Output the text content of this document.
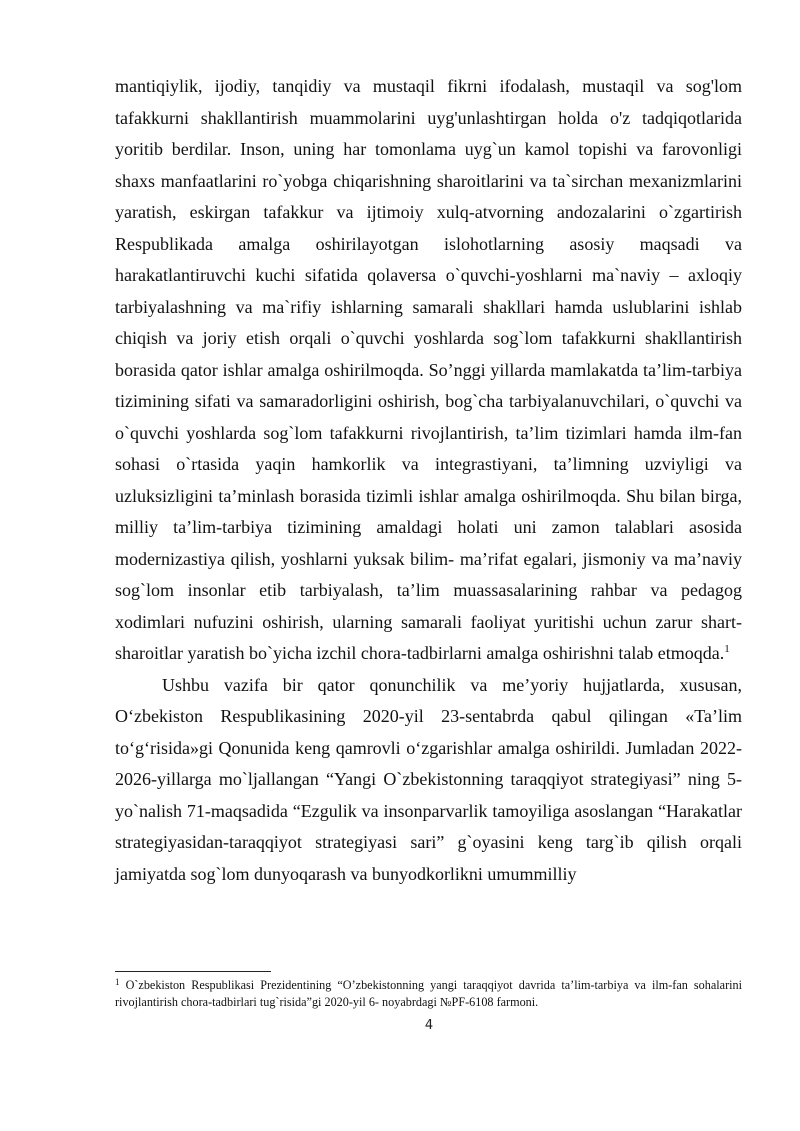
mantiqiylik, ijodiy, tanqidiy va mustaqil fikrni ifodalash, mustaqil va sog'lom tafakkurni shakllantirish muammolarini uyg'unlashtirgan holda o'z tadqiqotlarida yoritib berdilar. Inson, uning har tomonlama uyg`un kamol topishi va farovonligi shaxs manfaatlarini ro`yobga chiqarishning sharoitlarini va ta`sirchan mexanizmlarini yaratish, eskirgan tafakkur va ijtimoiy xulq-atvorning andozalarini o`zgartirish Respublikada amalga oshirilayotgan islohotlarning asosiy maqsadi va harakatlantiruvchi kuchi sifatida qolaversa o`quvchi-yoshlarni ma`naviy – axloqiy tarbiyalashning va ma`rifiy ishlarning samarali shakllari hamda uslublarini ishlab chiqish va joriy etish orqali o`quvchi yoshlarda sog`lom tafakkurni shakllantirish borasida qator ishlar amalga oshirilmoqda. So’nggi yillarda mamlakatda ta’lim-tarbiya tizimining sifati va samaradorligini oshirish, bog`cha tarbiyalanuvchilari, o`quvchi va o`quvchi yoshlarda sog`lom tafakkurni rivojlantirish, ta’lim tizimlari hamda ilm-fan sohasi o`rtasida yaqin hamkorlik va integrastiyani, ta’limning uzviyligi va uzluksizligini ta’minlash borasida tizimli ishlar amalga oshirilmoqda. Shu bilan birga, milliy ta’lim-tarbiya tizimining amaldagi holati uni zamon talablari asosida modernizastiya qilish, yoshlarni yuksak bilim- ma’rifat egalari, jismoniy va ma’naviy sog`lom insonlar etib tarbiyalash, ta’lim muassasalarining rahbar va pedagog xodimlari nufuzini oshirish, ularning samarali faoliyat yuritishi uchun zarur shart-sharoitlar yaratish bo`yicha izchil chora-tadbirlarni amalga oshirishni talab etmoqda.$^1$

Ushbu vazifa bir qator qonunchilik va me’yoriy hujjatlarda, xususan, O‘zbekiston Respublikasining 2020-yil 23-sentabrda qabul qilingan «Ta’lim to‘g‘risida»gi Qonunida keng qamrovli o‘zgarishlar amalga oshirildi. Jumladan 2022-2026-yillarga mo`ljallangan “Yangi O`zbekistonning taraqqiyot strategiyasi” ning 5-yo`nalish 71-maqsadida “Ezgulik va insonparvarlik tamoyiliga asoslangan “Harakatlar strategiyasidan-taraqqiyot strategiyasi sari” g`oyasini keng targ`ib qilish orqali jamiyatda sog`lom dunyoqarash va bunyodkorlikni umummilliy

$^1$ O`zbekiston Respublikasi Prezidentining “O’zbekistonning yangi taraqqiyot davrida ta’lim-tarbiya va ilm-fan sohalarini rivojlantirish chora-tadbirlari tug`risida”gi 2020-yil 6- noyabrdagi №PF-6108 farmoni.
4
